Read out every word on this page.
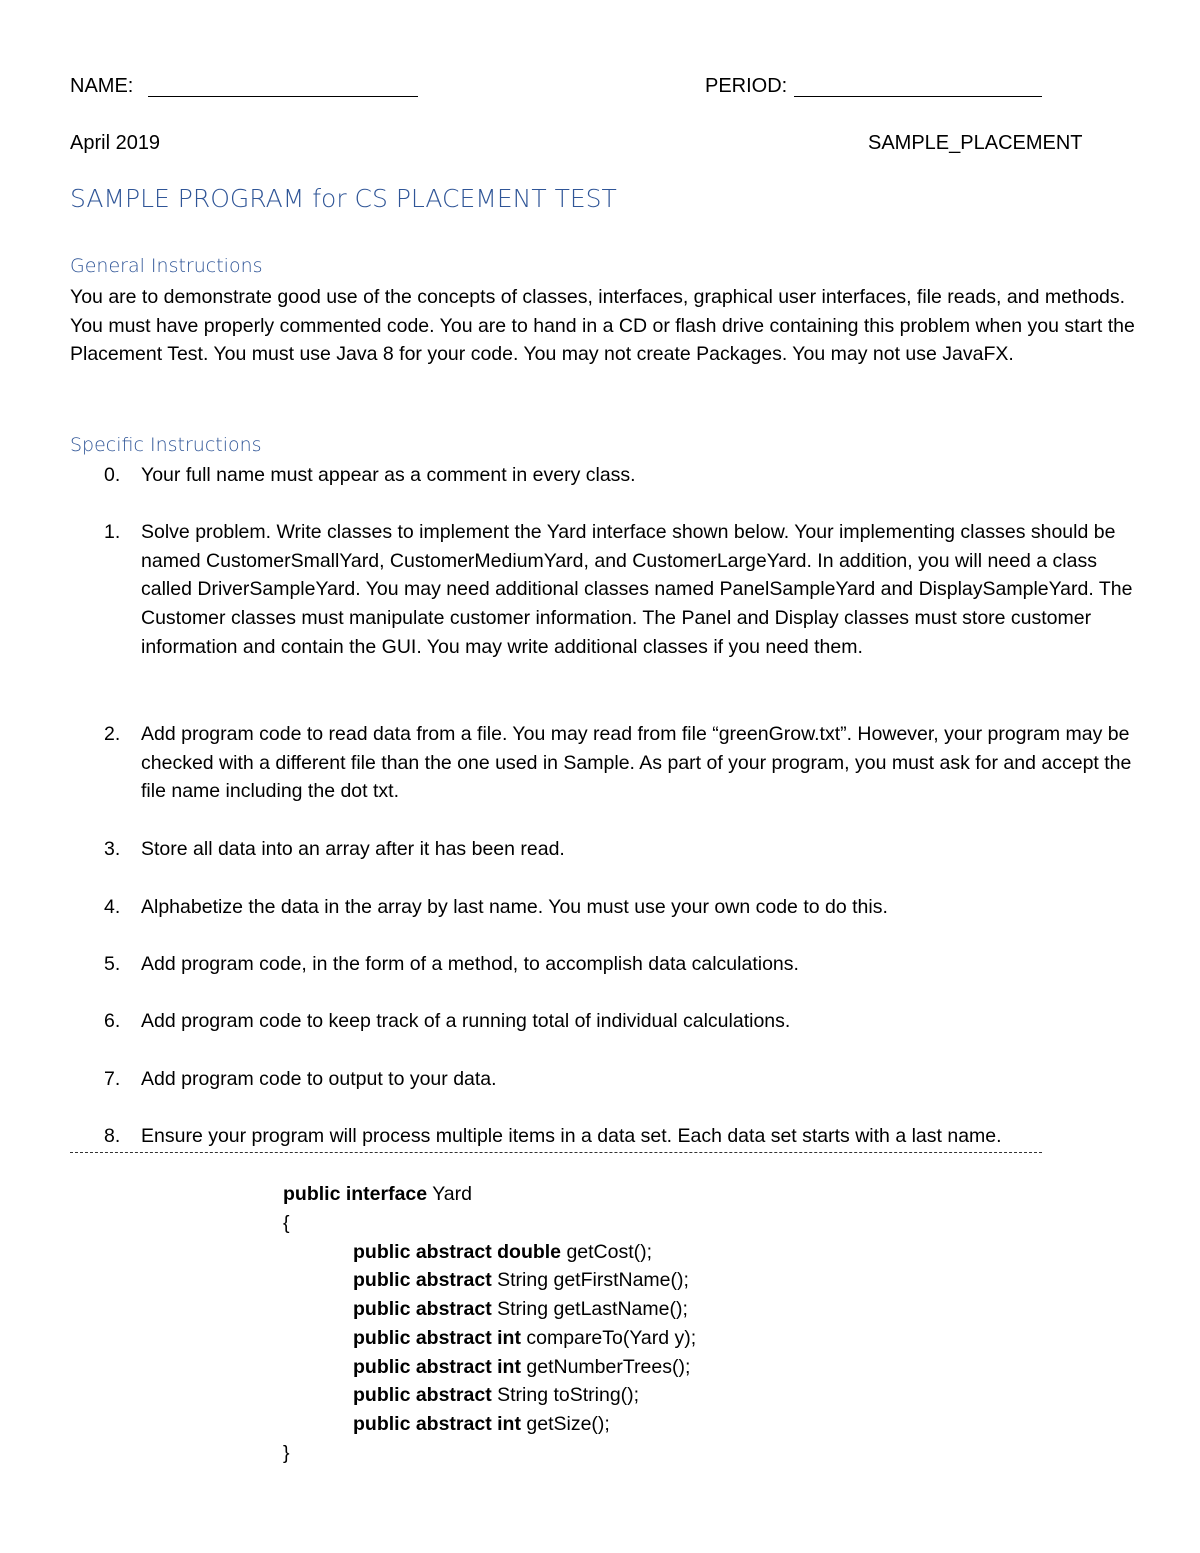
NAME:	PERIOD:
April 2019	SAMPLE_PLACEMENT
SAMPLE PROGRAM for CS PLACEMENT TEST
General Instructions
You are to demonstrate good use of the concepts of classes, interfaces, graphical user interfaces, file reads, and methods. You must have properly commented code. You are to hand in a CD or flash drive containing this problem when you start the Placement Test. You must use Java 8 for your code. You may not create Packages. You may not use JavaFX.
Specific Instructions
0. Your full name must appear as a comment in every class.
1. Solve problem. Write classes to implement the Yard interface shown below. Your implementing classes should be named CustomerSmallYard, CustomerMediumYard, and CustomerLargeYard. In addition, you will need a class called DriverSampleYard. You may need additional classes named PanelSampleYard and DisplaySampleYard. The Customer classes must manipulate customer information. The Panel and Display classes must store customer information and contain the GUI. You may write additional classes if you need them.
2. Add program code to read data from a file. You may read from file “greenGrow.txt”. However, your program may be checked with a different file than the one used in Sample. As part of your program, you must ask for and accept the file name including the dot txt.
3. Store all data into an array after it has been read.
4. Alphabetize the data in the array by last name. You must use your own code to do this.
5. Add program code, in the form of a method, to accomplish data calculations.
6. Add program code to keep track of a running total of individual calculations.
7. Add program code to output to your data.
8. Ensure your program will process multiple items in a data set. Each data set starts with a last name.
public interface Yard
{
public abstract double getCost();
public abstract String getFirstName();
public abstract String getLastName();
public abstract int compareTo(Yard y);
public abstract int getNumberTrees();
public abstract String toString();
public abstract int getSize();
}
